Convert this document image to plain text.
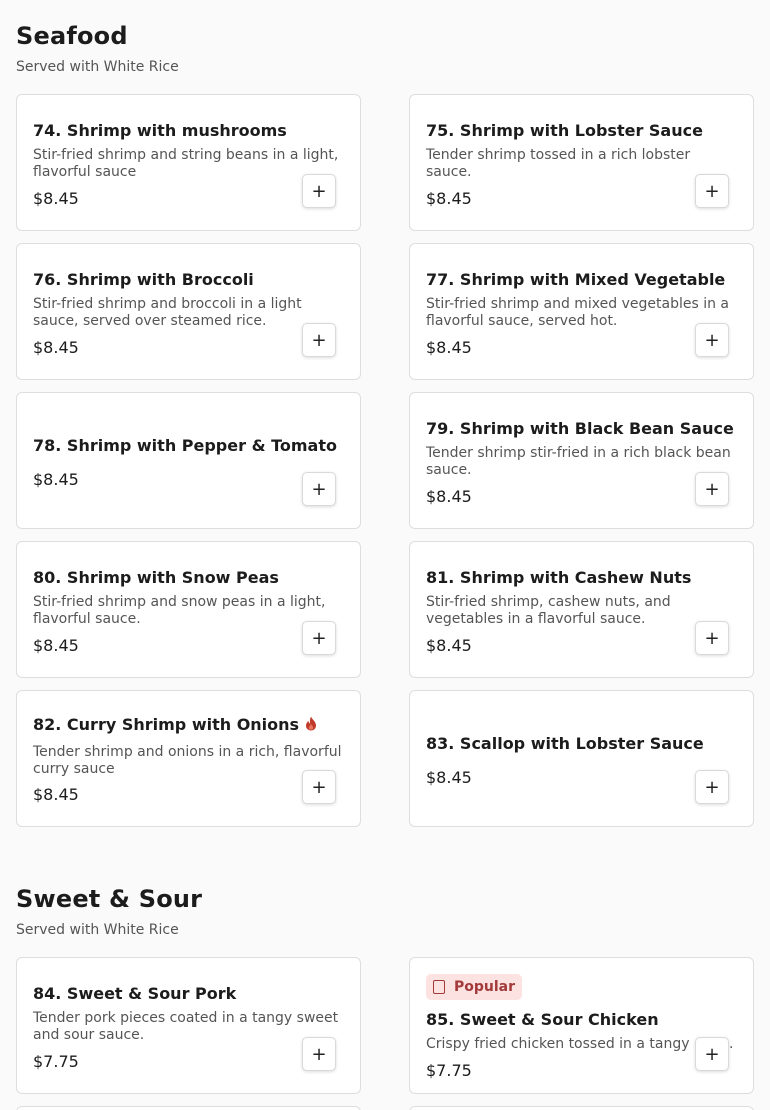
Seafood
Served with White Rice
74. Shrimp with mushrooms
Stir-fried shrimp and string beans in a light, flavorful sauce
$8.45	+
75. Shrimp with Lobster Sauce
Tender shrimp tossed in a rich lobster sauce.
$8.45	+
76. Shrimp with Broccoli
Stir-fried shrimp and broccoli in a light sauce, served over steamed rice.
$8.45	+
77. Shrimp with Mixed Vegetable
Stir-fried shrimp and mixed vegetables in a flavorful sauce, served hot.
$8.45	+
78. Shrimp with Pepper & Tomato
$8.45	+
79. Shrimp with Black Bean Sauce
Tender shrimp stir-fried in a rich black bean sauce.
$8.45	+
80. Shrimp with Snow Peas
Stir-fried shrimp and snow peas in a light, flavorful sauce.
$8.45	+
81. Shrimp with Cashew Nuts
Stir-fried shrimp, cashew nuts, and vegetables in a flavorful sauce.
$8.45	+
82. Curry Shrimp with Onions
Tender shrimp and onions in a rich, flavorful curry sauce
$8.45	+
83. Scallop with Lobster Sauce
$8.45	+
Sweet & Sour
Served with White Rice
84. Sweet & Sour Pork
Tender pork pieces coated in a tangy sweet and sour sauce.
$7.75	+
Popular
85. Sweet & Sour Chicken
Crispy fried chicken tossed in a tangy	.
$7.75
+
